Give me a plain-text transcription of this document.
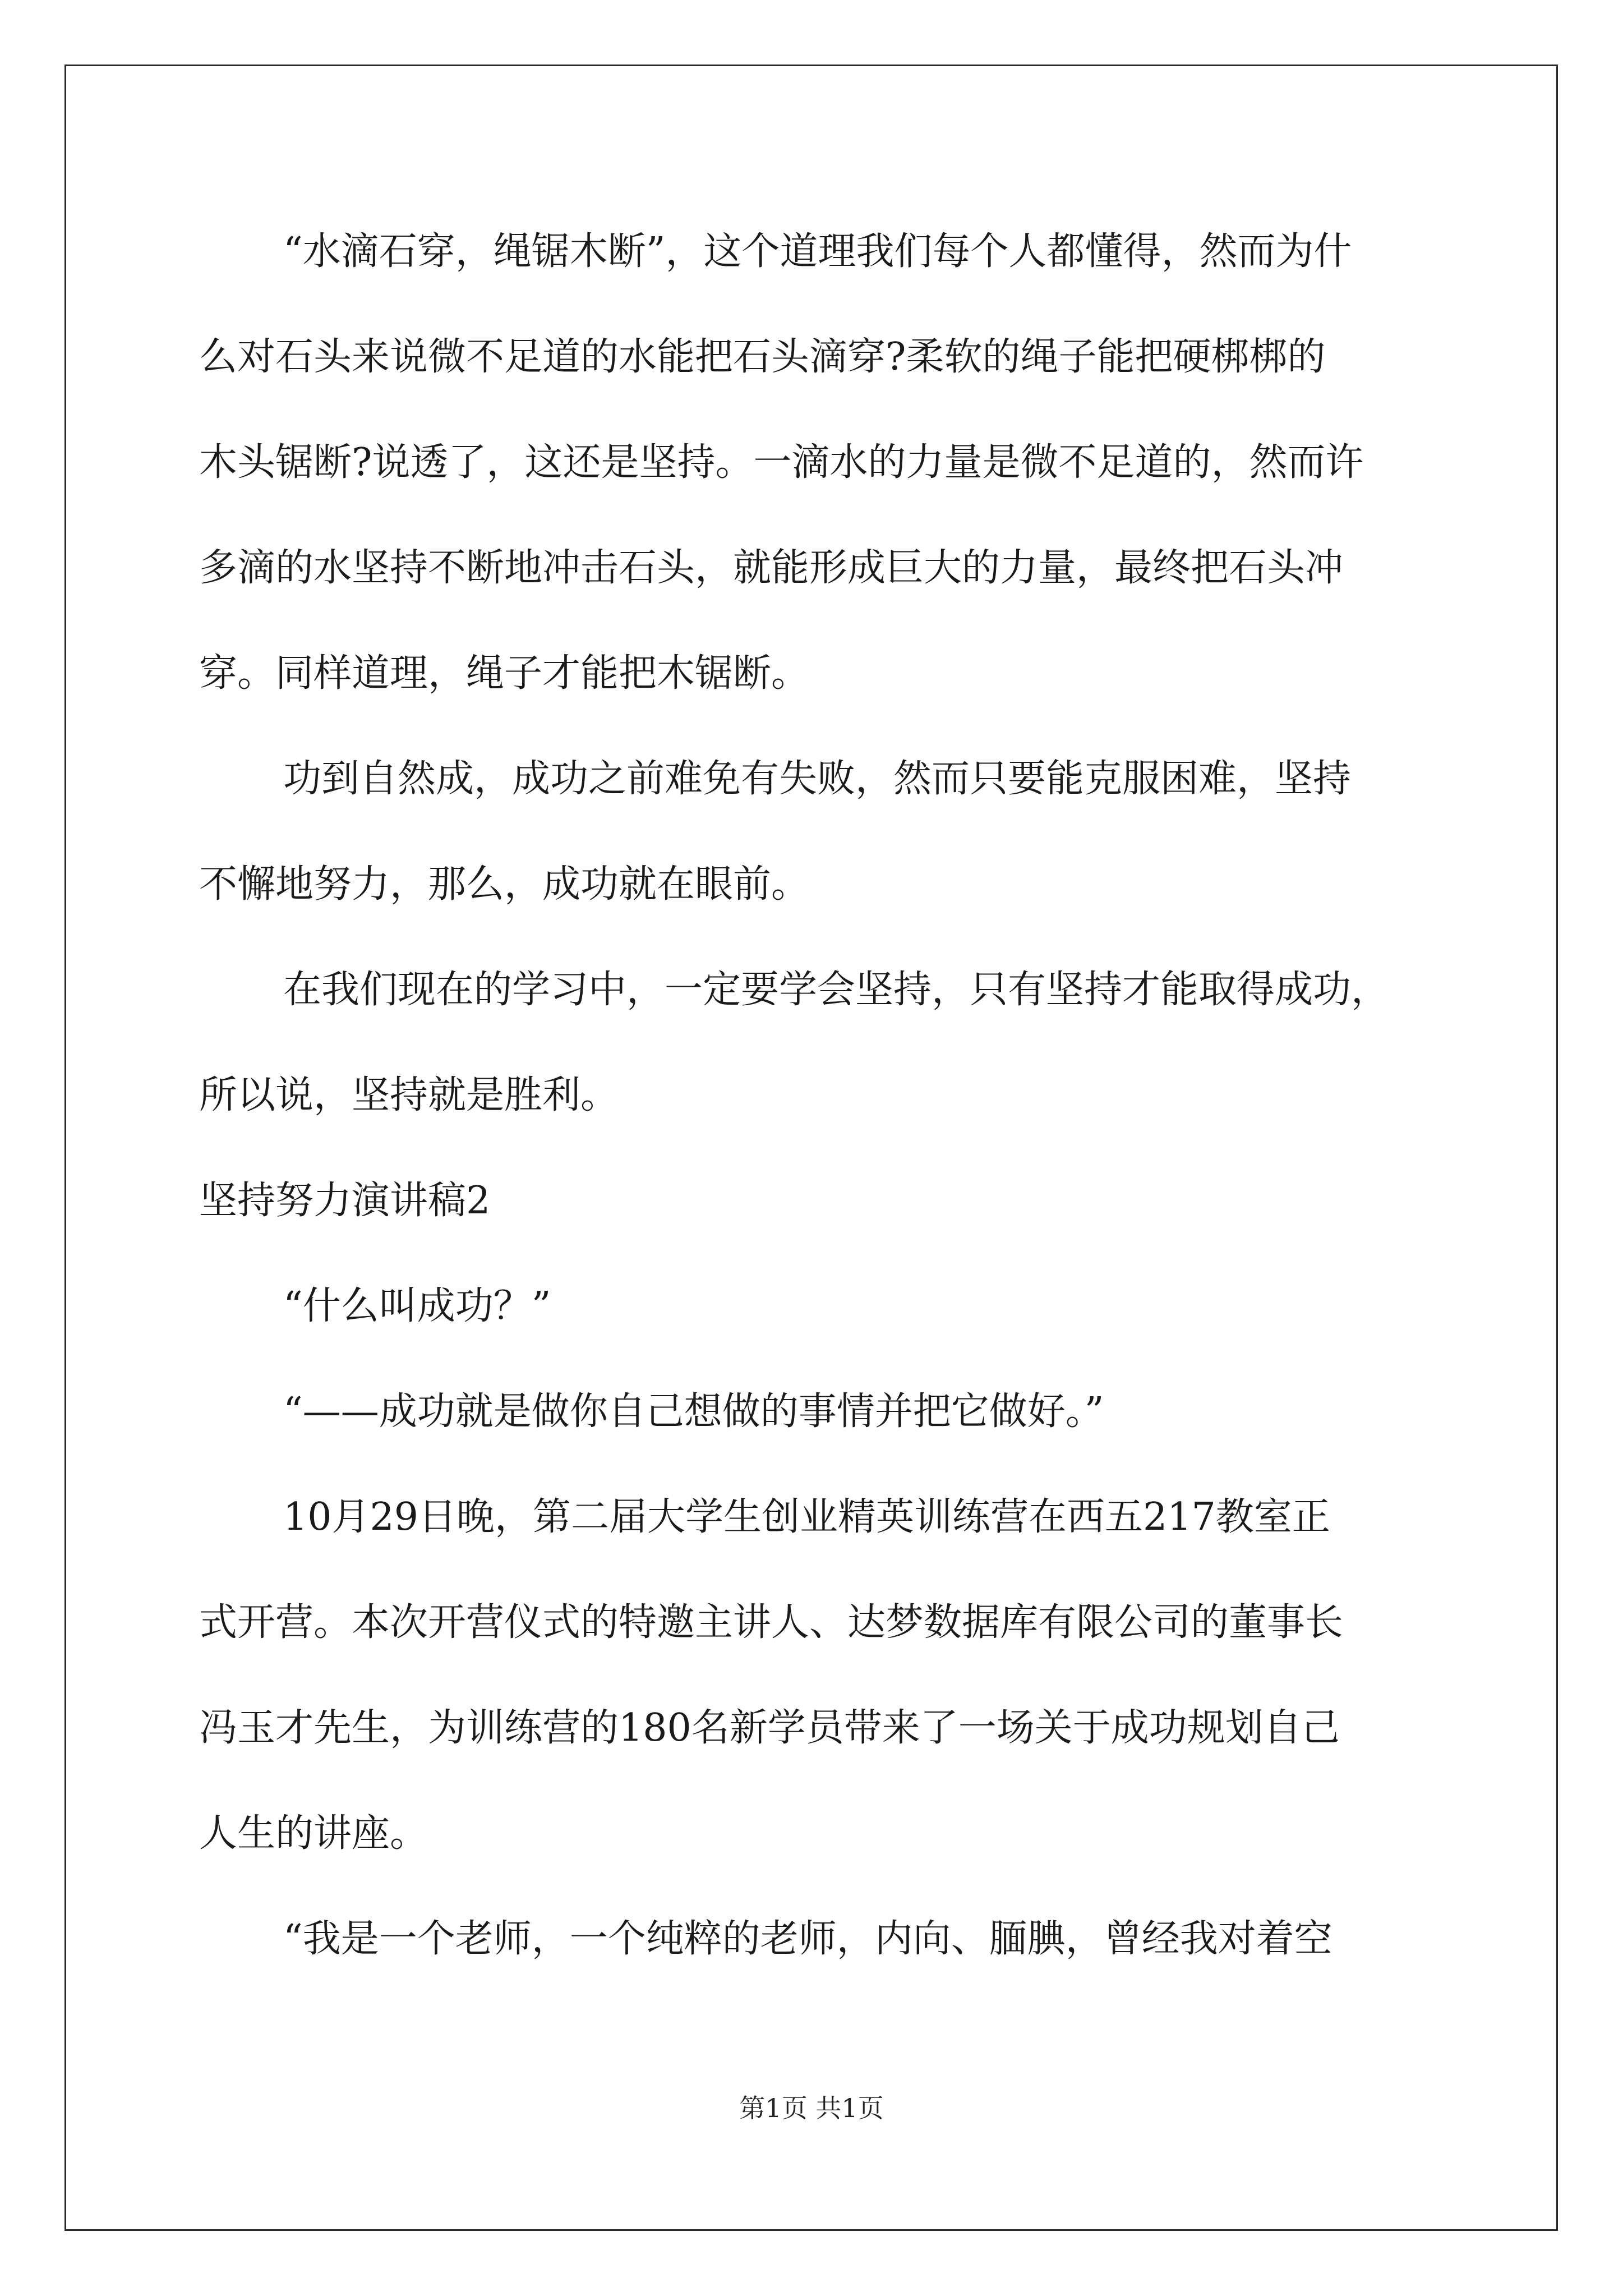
“水滴石穿，绳锯木断”，这个道理我们每个人都懂得，然而为什
么对石头来说微不足道的水能把石头滴穿?柔软的绳子能把硬梆梆的
木头锯断?说透了，这还是坚持。一滴水的力量是微不足道的，然而许
多滴的水坚持不断地冲击石头，就能形成巨大的力量，最终把石头冲
穿。同样道理，绳子才能把木锯断。
功到自然成，成功之前难免有失败，然而只要能克服困难，坚持
不懈地努力，那么，成功就在眼前。
在我们现在的学习中，一定要学会坚持，只有坚持才能取得成功，
所以说，坚持就是胜利。
坚持努力演讲稿2
“什么叫成功？”
“——成功就是做你自己想做的事情并把它做好。”
10月29日晚，第二届大学生创业精英训练营在西五217教室正
式开营。本次开营仪式的特邀主讲人、达梦数据库有限公司的董事长
冯玉才先生，为训练营的180名新学员带来了一场关于成功规划自己
人生的讲座。
“我是一个老师，一个纯粹的老师，内向、腼腆，曾经我对着空
第1页 共1页
